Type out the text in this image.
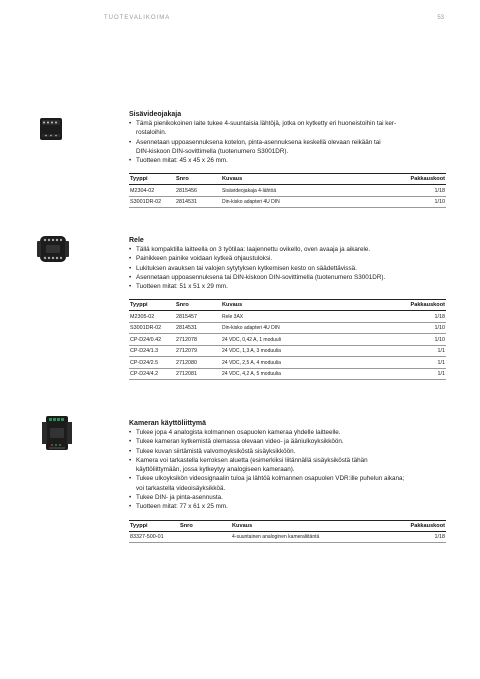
TUOTEVALIKOIMA	53
Sisävideojakaja
• Tämä pienikokoinen laite tukee 4-suuntaisia lähtöjä, jotka on kytketty eri huoneistoihin tai ker-
rostaloihin.
• Asennetaan uppoasennuksena kotelon, pinta-asennuksena keskellä olevaan reikään tai
DIN-kiskoon DIN-sovittimella (tuotenumero S3001DR).
• Tuotteen mitat: 45 x 45 x 26 mm.
Tyyppi	Snro	Kuvaus	Pakkauskoot
M2304-02	2815456	Sisävideojakaja 4-lähtöä	1/18
S3001DR-02	2814531	Din-kisko adapteri 4U DIN	1/10
Rele
• Tällä kompaktilla laitteella on 3 työtilaa: laajennettu ovikello, oven avaaja ja aikarele.
• Painikkeen painike voidaan kytkeä ohjaustuloksi.
• Lukituksen avauksen tai valojen sytytyksen kytkemisen kesto on säädettävissä.
• Asennetaan uppoasennuksena tai DIN-kiskoon DIN-sovittimella (tuotenumero S3001DR).
• Tuotteen mitat: 51 x 51 x 29 mm.
Tyyppi	Snro	Kuvaus	Pakkauskoot
M2305-02	2815457	Rele 3AX	1/18
S3001DR-02	2814531	Din-kisko adapteri 4U DIN	1/10
CP-D24/0.42	2712078	24 VDC, 0,42 A, 1 moduuli	1/10
CP-D24/1.3	2712079	24 VDC, 1,3 A, 3 moduulia	1/1
CP-D24/2.5	2712080	24 VDC, 2,5 A, 4 moduulia	1/1
CP-D24/4.2	2712081	24 VDC, 4,2 A, 5 moduulia	1/1
Kameran käyttöliittymä
• Tukee jopa 4 analogista kolmannen osapuolen kameraa yhdelle laitteelle.
• Tukee kameran kytkemistä olemassa olevaan video- ja ääniulkoyksikköön.
• Tukee kuvan siirtämistä valvomoyksiköstä sisäyksikköön.
• Kamera voi tarkastella kerroksen aluetta (esimerkiksi liitännällä sisäyksiköstä tähän
käyttöliittymään, jossa kytkeytyy analogiseen kameraan).
• Tukee ulkoyksikön videosignaalin tuloa ja lähtöä kolmannen osapuolen VDR:ille puhelun aikana;
voi tarkastella videoisäyksikköä.
• Tukee DIN- ja pinta-asennusta.
• Tuotteen mitat: 77 x 61 x 25 mm.
Tyyppi	Snro	Kuvaus	Pakkauskoot
83327-500-01		4-suuntainen analoginen kameraliitäntä	1/18
